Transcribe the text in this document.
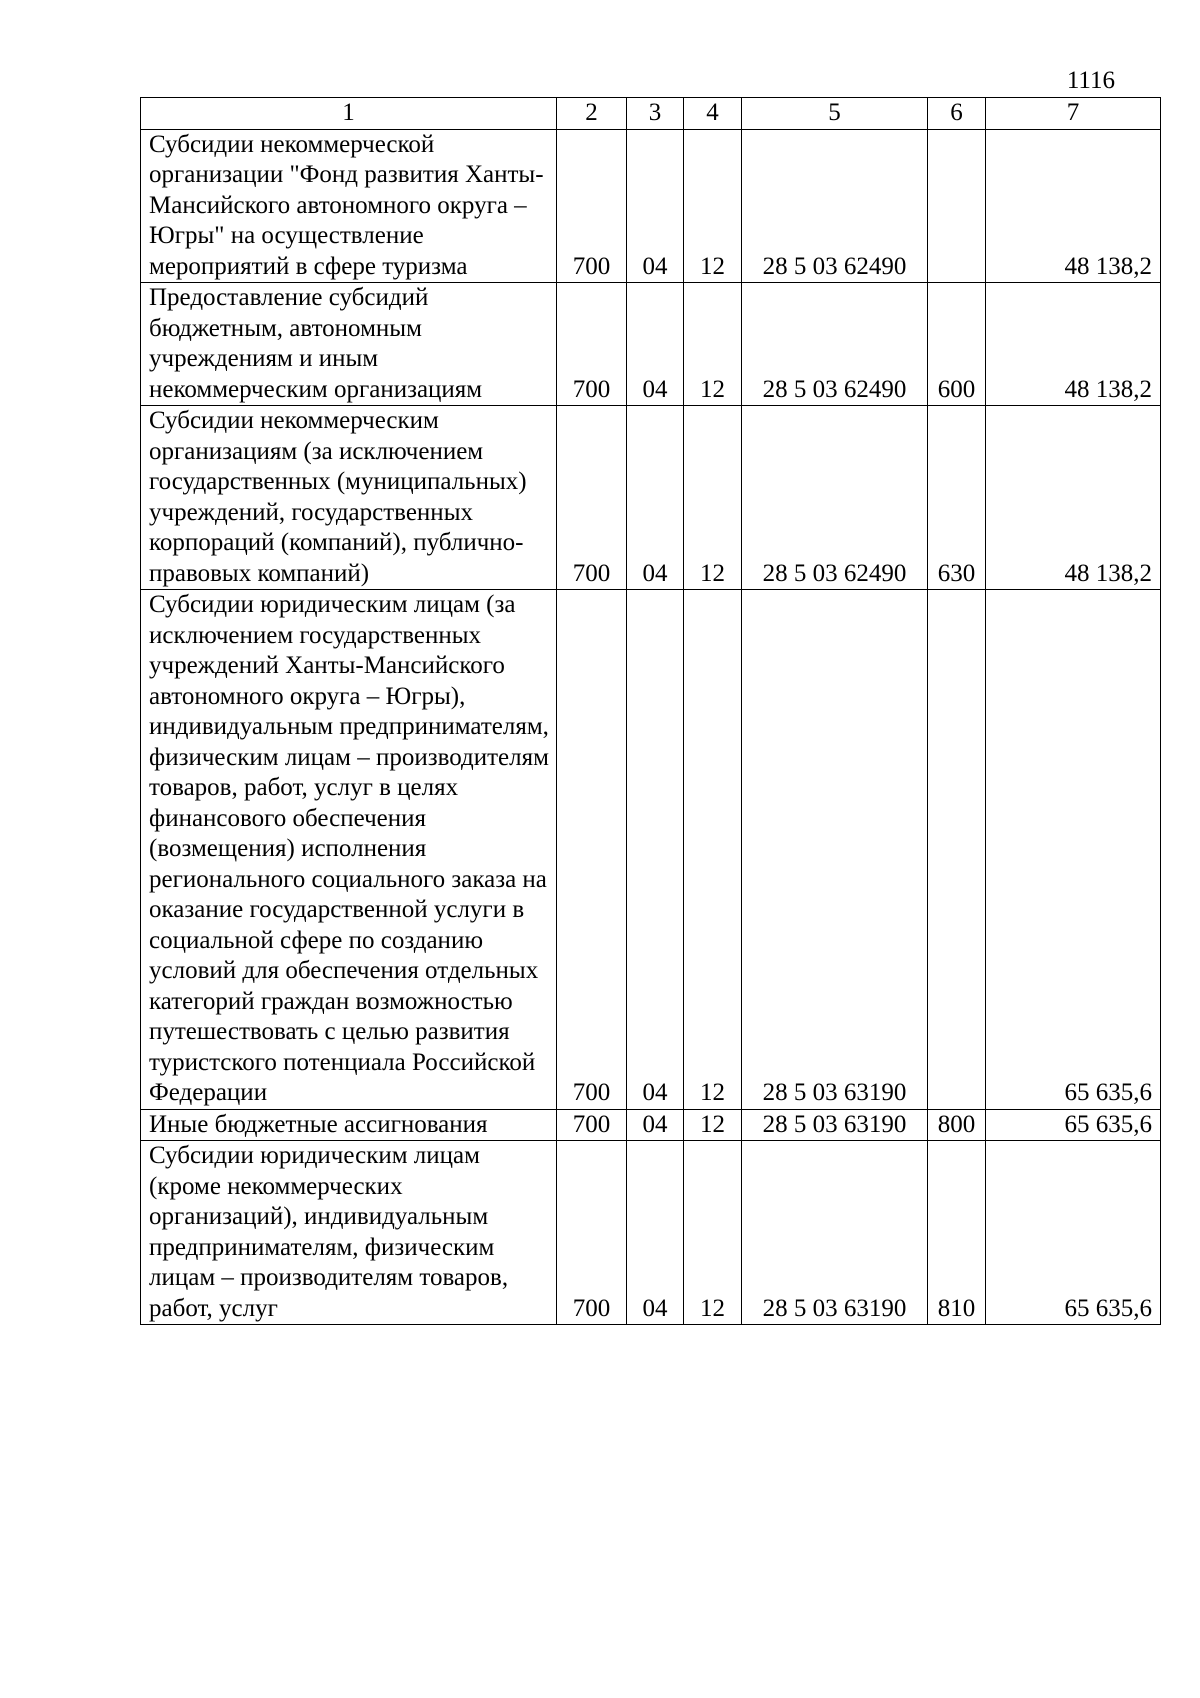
1116
1	2	3	4	5	6	7
Субсидии некоммерческой организации "Фонд развития Ханты-Мансийского автономного округа – Югры" на осуществление мероприятий в сфере туризма	700	04	12	28 5 03 62490		48 138,2
Предоставление субсидий бюджетным, автономным учреждениям и иным некоммерческим организациям	700	04	12	28 5 03 62490	600	48 138,2
Субсидии некоммерческим организациям (за исключением государственных (муниципальных) учреждений, государственных корпораций (компаний), публично-правовых компаний)	700	04	12	28 5 03 62490	630	48 138,2
Субсидии юридическим лицам (за исключением государственных учреждений Ханты-Мансийского автономного округа – Югры), индивидуальным предпринимателям, физическим лицам – производителям товаров, работ, услуг в целях финансового обеспечения (возмещения) исполнения регионального социального заказа на оказание государственной услуги в социальной сфере по созданию условий для обеспечения отдельных категорий граждан возможностью путешествовать с целью развития туристского потенциала Российской Федерации	700	04	12	28 5 03 63190		65 635,6
Иные бюджетные ассигнования	700	04	12	28 5 03 63190	800	65 635,6
Субсидии юридическим лицам (кроме некоммерческих организаций), индивидуальным предпринимателям, физическим лицам – производителям товаров, работ, услуг	700	04	12	28 5 03 63190	810	65 635,6
